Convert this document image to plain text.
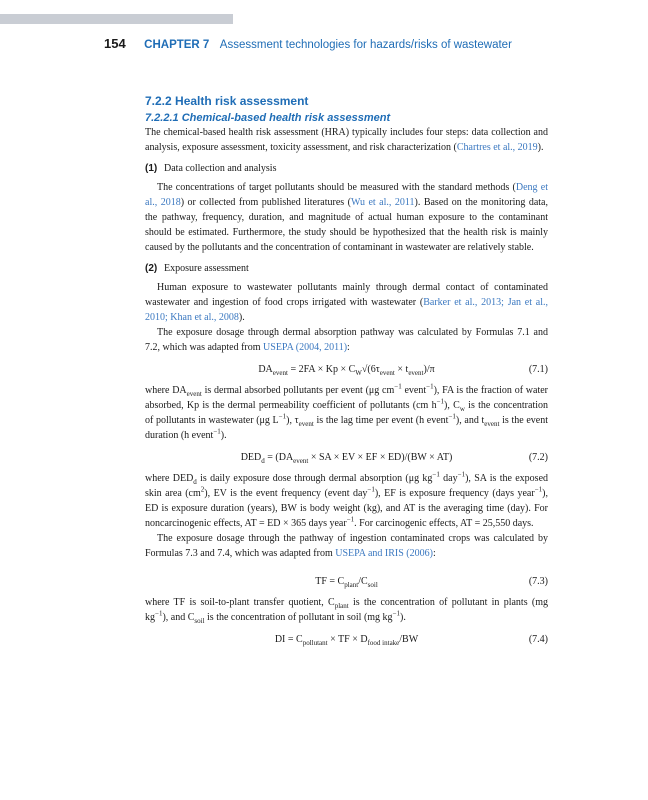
154 CHAPTER 7 Assessment technologies for hazards/risks of wastewater
7.2.2 Health risk assessment
7.2.2.1 Chemical-based health risk assessment

The chemical-based health risk assessment (HRA) typically includes four steps: data collection and analysis, exposure assessment, toxicity assessment, and risk characterization (Chartres et al., 2019).

(1) Data collection and analysis

The concentrations of target pollutants should be measured with the standard methods (Deng et al., 2018) or collected from published literatures (Wu et al., 2011). Based on the monitoring data, the pathway, frequency, duration, and magnitude of actual human exposure to the contaminant should be estimated. Furthermore, the study should be hypothesized that the health risk is mainly caused by the pollutants and the concentration of contaminant in wastewater are relatively stable.

(2) Exposure assessment

Human exposure to wastewater pollutants mainly through dermal contact of contaminated wastewater and ingestion of food crops irrigated with wastewater (Barker et al., 2013; Jan et al., 2010; Khan et al., 2008).

The exposure dosage through dermal absorption pathway was calculated by Formulas 7.1 and 7.2, which was adapted from USEPA (2004, 2011):

$DA_{event} = 2FA \times Kp \times C_W√(6\tau_{event} \times t_{event})/\pi$	(7.1)

where $DA_{event}$ is dermal absorbed pollutants per event (μg $cm^{-1}$ event$^{-1}$), FA is the fraction of water absorbed, Kp is the dermal permeability coefficient of pollutants (cm $h^{-1}$), $C_w$ is the concentration of pollutants in wastewater (μg $L^{-1}$), $\tau_{event}$ is the lag time per event (h event$^{-1}$), and $t_{event}$ is the event duration (h event$^{-1}$).

$DED_d = (DA_{event}$ × SA × EV × EF × ED)/(BW × AT)	(7.2)

where $DED_d$ is daily exposure dose through dermal absorption (μg $kg^{-1}$ day$^{-1}$), SA is the exposed skin area $(cm^2)$, EV is the event frequency (event day$^{-1}$), EF is exposure frequency (days year$^{-1}$), ED is exposure duration (years), BW is body weight (kg), and AT is the averaging time (day). For noncarcinogenic effects, AT = ED × 365 days year$^{-1}$. For carcinogenic effects, AT = 25,550 days.

The exposure dosage through the pathway of ingestion contaminated crops was calculated by Formulas 7.3 and 7.4, which was adapted from USEPA and IRIS (2006):

TF = $C_{plant}/C_{soil}$	(7.3)

where TF is soil-to-plant transfer quotient, $C_{plant}$ is the concentration of pollutant in plants (mg $kg^{-1}$), and $C_{soil}$ is the concentration of pollutant in soil (mg $kg^{-1}$).

DI = $C_{pollutant}$ × TF × $D_{food intake}/BW$	(7.4)
